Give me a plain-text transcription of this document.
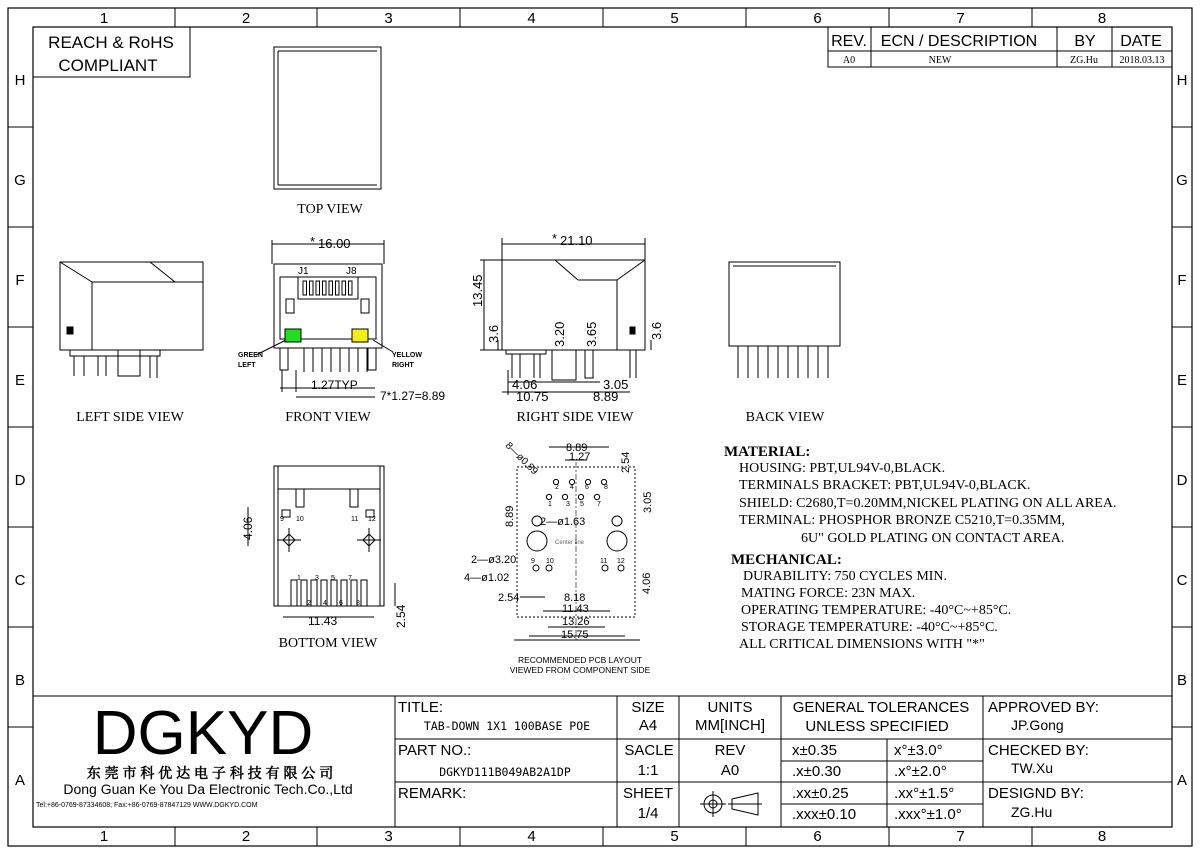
1
1
2
2
3
3
4
4
5
5
6
6
7
7
8
8
H	H
G	G
F	F
E	E
D	D
C	C
B	B
A	A
REACH & RoHS
COMPLIANT
REV. ECN / DESCRIPTION BY DATE
A0	NEW	ZG.Hu 2018.03.13
TOP VIEW
LEFT SIDE VIEW
* 16.00
J1	J8
GREEN
LEFT
YELLOW
RIGHT
1.27TYP
7*1.27=8.89
FRONT VIEW
* 21.10
13.45
3.6	3.20 3.65	3.6
4.06	3.05
10.75	8.89
RIGHT SIDE VIEW	BACK VIEW
4.06
11.43	2.54
9 10	11 12
1 3 5 7
2 4 6 8
BOTTOM VIEW
8.89
1.27	2.54
3.05
8—ø0.89
8.89 2—ø1.63
Center line
2—ø3.20
4—ø1.02
2.54	8.18
11.43
13.26
15.75
4.06
2 4 6 8
1 3 5 7
9 10	11 12
RECOMMENDED PCB LAYOUT
VIEWED FROM COMPONENT SIDE
MATERIAL:
HOUSING: PBT,UL94V-0,BLACK.
TERMINALS BRACKET: PBT,UL94V-0,BLACK.
SHIELD: C2680,T=0.20MM,NICKEL PLATING ON ALL AREA.
TERMINAL: PHOSPHOR BRONZE C5210,T=0.35MM,
6U" GOLD PLATING ON CONTACT AREA.
MECHANICAL:
DURABILITY: 750 CYCLES MIN.
MATING FORCE: 23N MAX.
OPERATING TEMPERATURE: -40°C~+85°C.
STORAGE TEMPERATURE: -40°C~+85°C.
ALL CRITICAL DIMENSIONS WITH "*"
DGKYD
东 莞 市 科 优 达 电 子 科 技 有 限 公 司
Dong Guan Ke You Da Electronic Tech.Co.,Ltd
Tel:+86-0769-87334608; Fax:+86-0769-87847129 WWW.DGKYD.COM
TITLE:
TAB-DOWN 1X1 100BASE POE
PART NO.:
DGKYD111B049AB2A1DP
REMARK:
SIZE
A4
UNITS
MM[INCH]
SACLE
1:1
REV
A0
SHEET
1/4
GENERAL TOLERANCES
UNLESS SPECIFIED
x±0.35	x°±3.0°
.x±0.30	.x°±2.0°
.xx±0.25	.xx°±1.5°
.xxx±0.10	.xxx°±1.0°
APPROVED BY:
JP.Gong
CHECKED BY:
TW.Xu
DESIGND BY:
ZG.Hu
